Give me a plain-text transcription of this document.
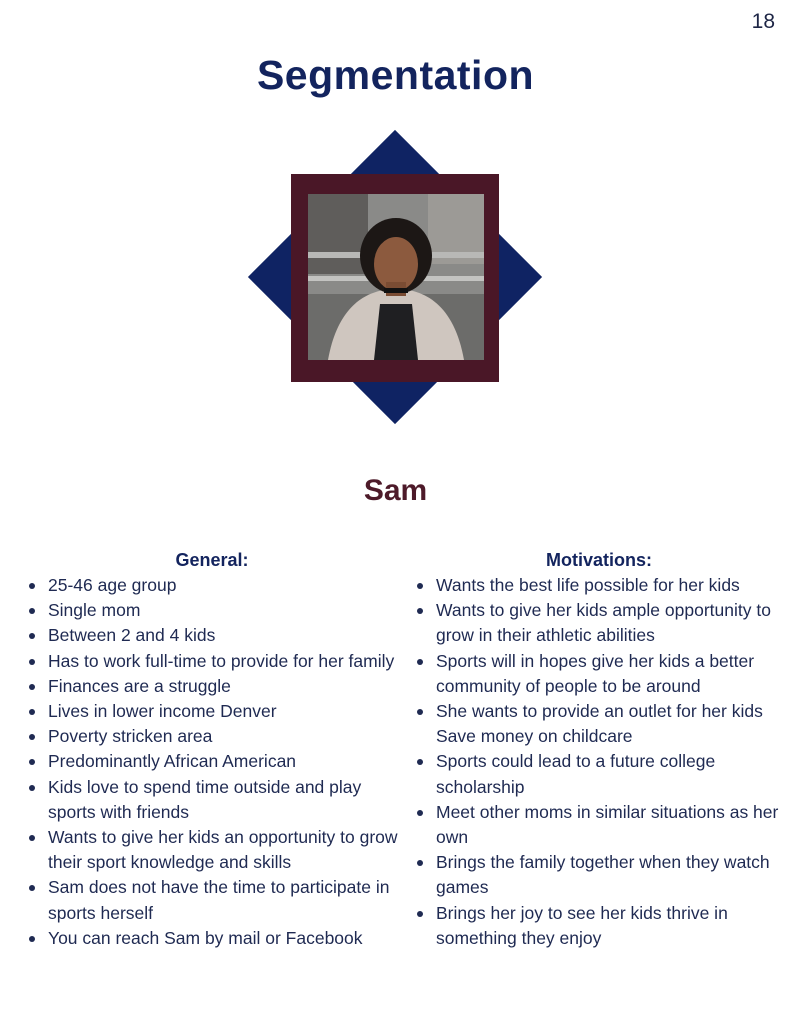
18
Segmentation
Sam
General:
25-46 age group
Single mom
Between 2 and 4 kids
Has to work full-time to provide for her family
Finances are a struggle
Lives in lower income Denver
Poverty stricken area
Predominantly African American
Kids love to spend time outside and play sports with friends
Wants to give her kids an opportunity to grow their sport knowledge and skills
Sam does not have the time to participate in sports herself
You can reach Sam by mail or Facebook
Motivations:
Wants the best life possible for her kids
Wants to give her kids ample opportunity to grow in their athletic abilities
Sports will in hopes give her kids a better community of people to be around
She wants to provide an outlet for her kids Save money on childcare
Sports could lead to a future college scholarship
Meet other moms in similar situations as her own
Brings the family together when they watch games
Brings her joy to see her kids thrive in something they enjoy
